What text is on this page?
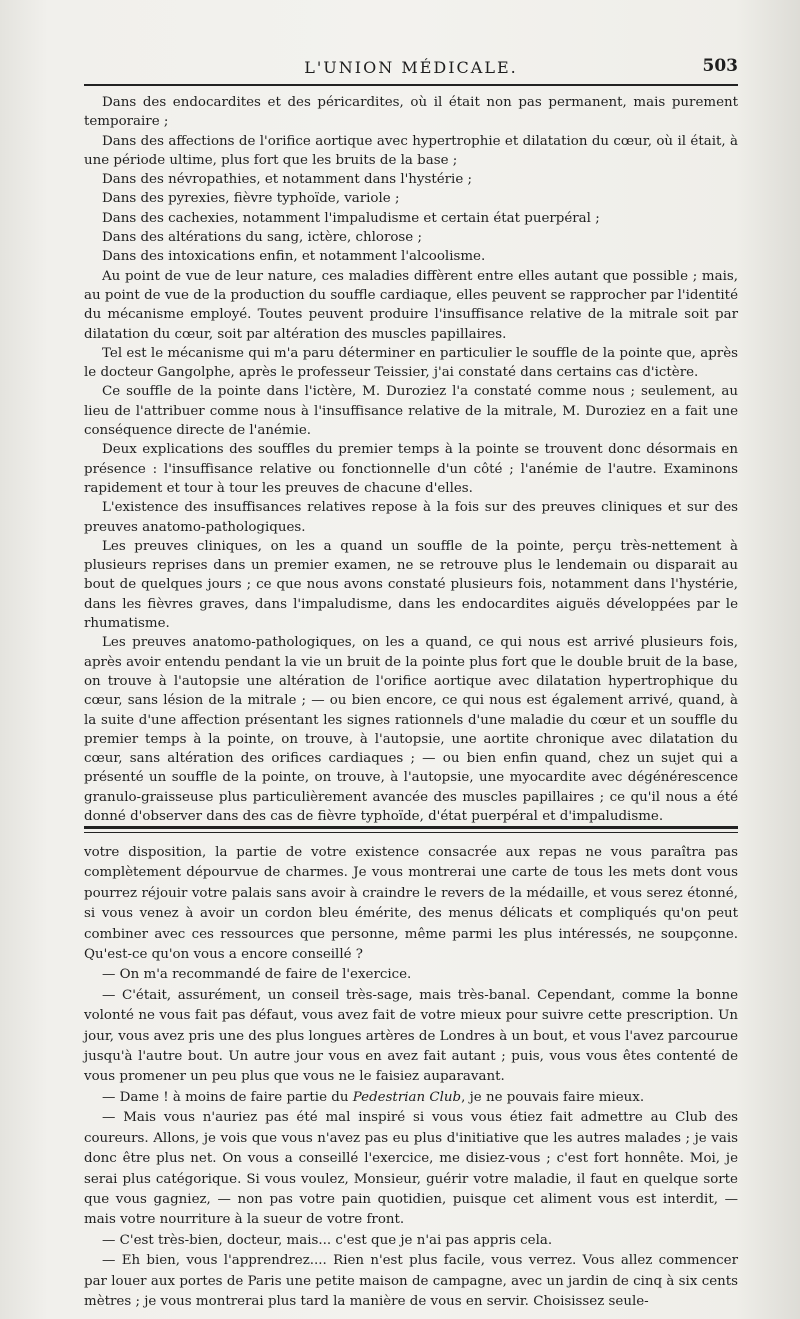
L'UNION MÉDICALE.	503

Dans des endocardites et des péricardites, où il était non pas permanent, mais purement temporaire ;

Dans des affections de l'orifice aortique avec hypertrophie et dilatation du cœur, où il était, à une période ultime, plus fort que les bruits de la base ;

Dans des névropathies, et notamment dans l'hystérie ;

Dans des pyrexies, fièvre typhoïde, variole ;

Dans des cachexies, notamment l'impaludisme et certain état puerpéral ;

Dans des altérations du sang, ictère, chlorose ;

Dans des intoxications enfin, et notamment l'alcoolisme.

Au point de vue de leur nature, ces maladies diffèrent entre elles autant que possible ; mais, au point de vue de la production du souffle cardiaque, elles peuvent se rapprocher par l'identité du mécanisme employé. Toutes peuvent produire l'insuffisance relative de la mitrale soit par dilatation du cœur, soit par altération des muscles papillaires.

Tel est le mécanisme qui m'a paru déterminer en particulier le souffle de la pointe que, après le docteur Gangolphe, après le professeur Teissier, j'ai constaté dans certains cas d'ictère.

Ce souffle de la pointe dans l'ictère, M. Duroziez l'a constaté comme nous ; seulement, au lieu de l'attribuer comme nous à l'insuffisance relative de la mitrale, M. Duroziez en a fait une conséquence directe de l'anémie.

Deux explications des souffles du premier temps à la pointe se trouvent donc désormais en présence : l'insuffisance relative ou fonctionnelle d'un côté ; l'anémie de l'autre. Examinons rapidement et tour à tour les preuves de chacune d'elles.

L'existence des insuffisances relatives repose à la fois sur des preuves cliniques et sur des preuves anatomo-pathologiques.

Les preuves cliniques, on les a quand un souffle de la pointe, perçu très-nettement à plusieurs reprises dans un premier examen, ne se retrouve plus le lendemain ou disparait au bout de quelques jours ; ce que nous avons constaté plusieurs fois, notamment dans l'hystérie, dans les fièvres graves, dans l'impaludisme, dans les endocardites aiguës développées par le rhumatisme.

Les preuves anatomo-pathologiques, on les a quand, ce qui nous est arrivé plusieurs fois, après avoir entendu pendant la vie un bruit de la pointe plus fort que le double bruit de la base, on trouve à l'autopsie une altération de l'orifice aortique avec dilatation hypertrophique du cœur, sans lésion de la mitrale ; — ou bien encore, ce qui nous est également arrivé, quand, à la suite d'une affection présentant les signes rationnels d'une maladie du cœur et un souffle du premier temps à la pointe, on trouve, à l'autopsie, une aortite chronique avec dilatation du cœur, sans altération des orifices cardiaques ; — ou bien enfin quand, chez un sujet qui a présenté un souffle de la pointe, on trouve, à l'autopsie, une myocardite avec dégénérescence granulo-graisseuse plus particulièrement avancée des muscles papillaires ; ce qu'il nous a été donné d'observer dans des cas de fièvre typhoïde, d'état puerpéral et d'impaludisme.

votre disposition, la partie de votre existence consacrée aux repas ne vous paraîtra pas complètement dépourvue de charmes. Je vous montrerai une carte de tous les mets dont vous pourrez réjouir votre palais sans avoir à craindre le revers de la médaille, et vous serez étonné, si vous venez à avoir un cordon bleu émérite, des menus délicats et compliqués qu'on peut combiner avec ces ressources que personne, même parmi les plus intéressés, ne soupçonne. Qu'est-ce qu'on vous a encore conseillé ?

— On m'a recommandé de faire de l'exercice.

— C'était, assurément, un conseil très-sage, mais très-banal. Cependant, comme la bonne volonté ne vous fait pas défaut, vous avez fait de votre mieux pour suivre cette prescription. Un jour, vous avez pris une des plus longues artères de Londres à un bout, et vous l'avez parcourue jusqu'à l'autre bout. Un autre jour vous en avez fait autant ; puis, vous vous êtes contenté de vous promener un peu plus que vous ne le faisiez auparavant.

— Dame ! à moins de faire partie du Pedestrian Club, je ne pouvais faire mieux.

— Mais vous n'auriez pas été mal inspiré si vous vous étiez fait admettre au Club des coureurs. Allons, je vois que vous n'avez pas eu plus d'initiative que les autres malades ; je vais donc être plus net. On vous a conseillé l'exercice, me disiez-vous ; c'est fort honnête. Moi, je serai plus catégorique. Si vous voulez, Monsieur, guérir votre maladie, il faut en quelque sorte que vous gagniez, — non pas votre pain quotidien, puisque cet aliment vous est interdit, — mais votre nourriture à la sueur de votre front.

— C'est très-bien, docteur, mais... c'est que je n'ai pas appris cela.

— Eh bien, vous l'apprendrez.... Rien n'est plus facile, vous verrez. Vous allez commencer par louer aux portes de Paris une petite maison de campagne, avec un jardin de cinq à six cents mètres ; je vous montrerai plus tard la manière de vous en servir. Choisissez seule-
